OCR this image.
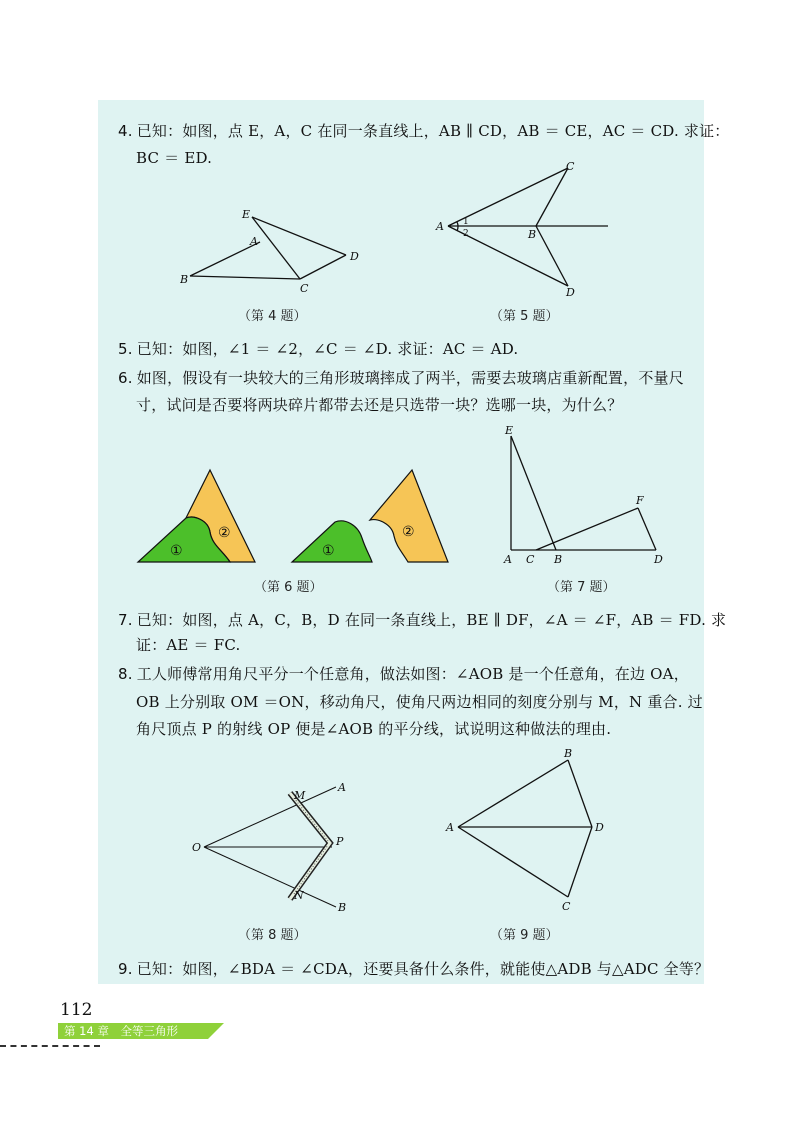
4. 已知：如图，点 E，A，C 在同一条直线上，AB ∥ CD，AB ＝ CE，AC ＝ CD. 求证：
BC ＝ ED.
E
A
B
C
D
（第 4 题）
A
B
C
D
1
2
（第 5 题）
5. 已知：如图，∠1 ＝ ∠2，∠C ＝ ∠D. 求证：AC ＝ AD.
6. 如图，假设有一块较大的三角形玻璃摔成了两半，需要去玻璃店重新配置，不量尺
寸，试问是否要将两块碎片都带去还是只选带一块？选哪一块，为什么？
①
②
①
②
（第 6 题）
E
F
A C B	D
（第 7 题）
7. 已知：如图，点 A，C，B，D 在同一条直线上，BE ∥ DF，∠A ＝ ∠F，AB ＝ FD. 求
证：AE ＝ FC.
8. 工人师傅常用角尺平分一个任意角，做法如图：∠AOB 是一个任意角，在边 OA，
OB 上分别取 OM ＝ON，移动角尺，使角尺两边相同的刻度分别与 M，N 重合. 过
角尺顶点 P 的射线 OP 便是∠AOB 的平分线，试说明这种做法的理由.
O
M
A
P
N
B
（第 8 题）
A
B
C
D
（第 9 题）
9. 已知：如图，∠BDA ＝ ∠CDA，还要具备什么条件，就能使△ADB 与△ADC 全等？
112
第 14 章　全等三角形
